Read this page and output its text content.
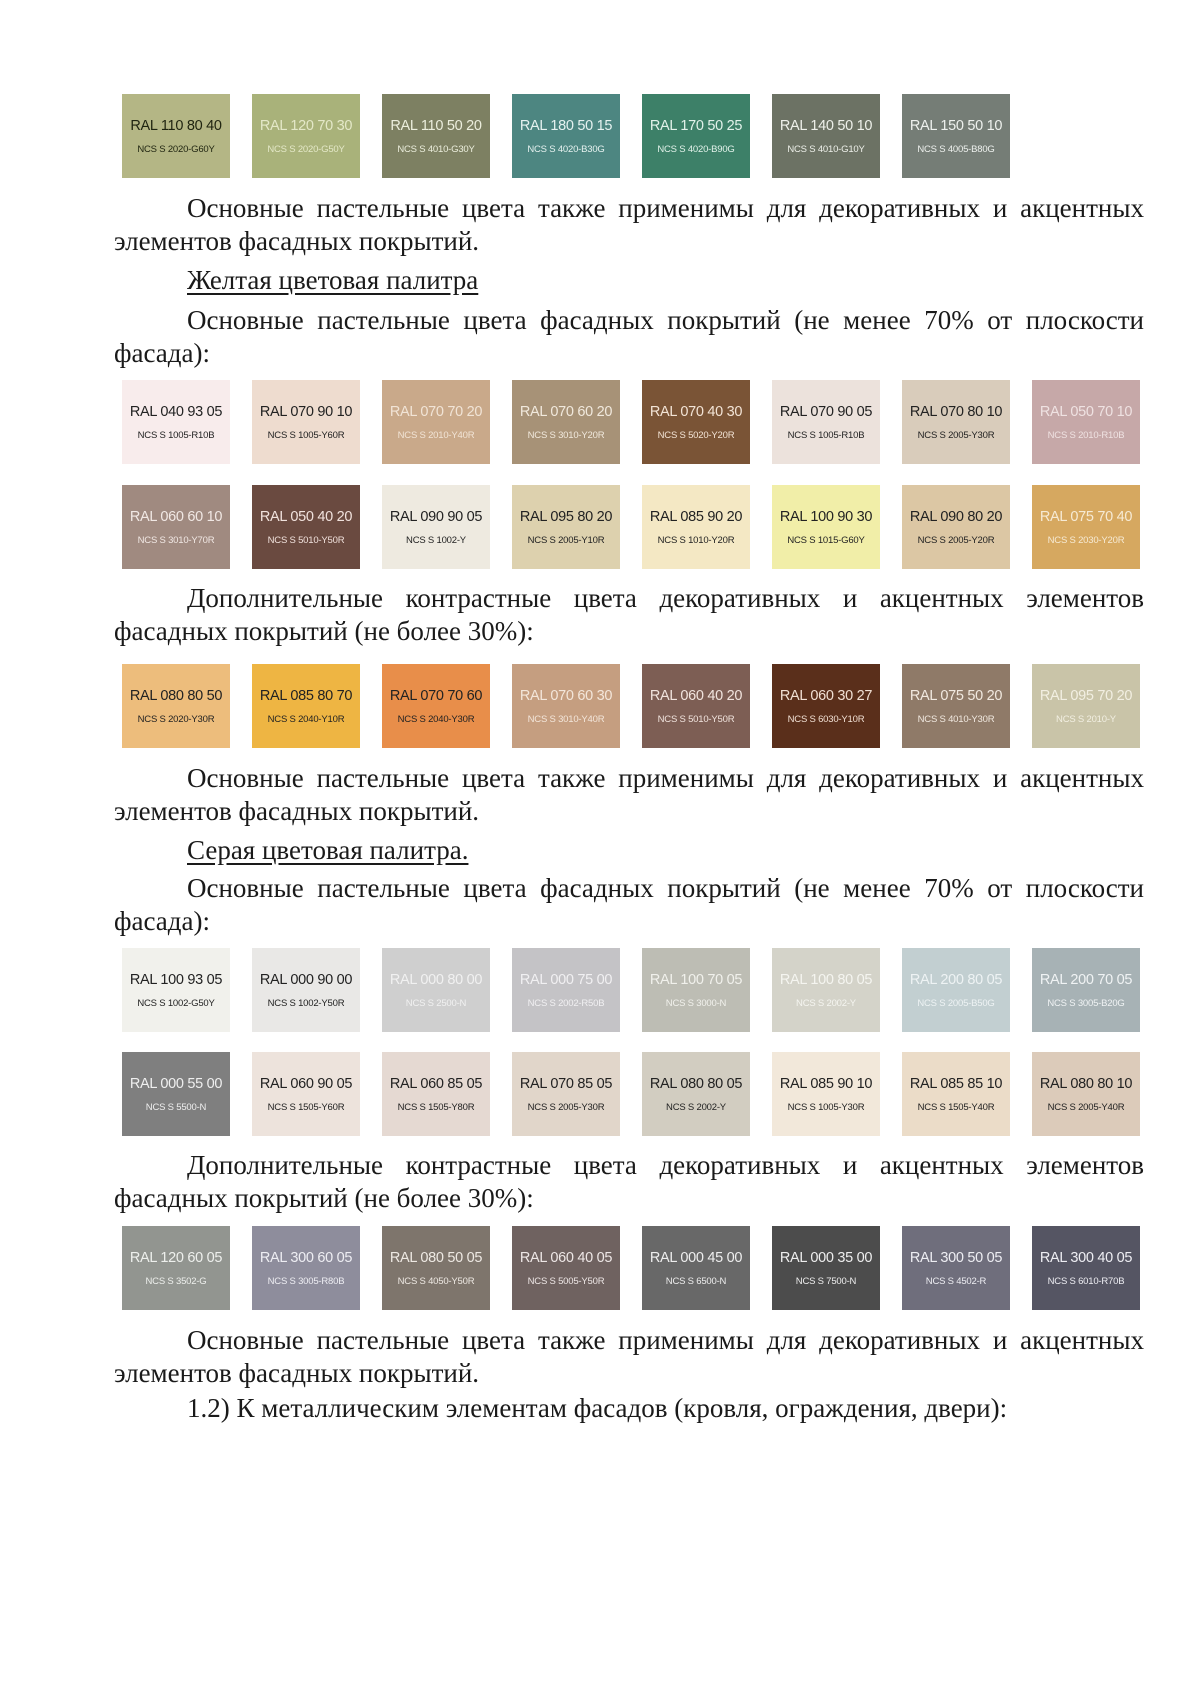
RAL 110 80 40
NCS S 2020-G60Y
RAL 120 70 30
NCS S 2020-G50Y
RAL 110 50 20
NCS S 4010-G30Y
RAL 180 50 15
NCS S 4020-B30G
RAL 170 50 25
NCS S 4020-B90G
RAL 140 50 10
NCS S 4010-G10Y
RAL 150 50 10
NCS S 4005-B80G
Основные пастельные цвета также применимы для декоративных и акцентных элементов фасадных покрытий.
Желтая цветовая палитра
Основные пастельные цвета фасадных покрытий (не менее 70% от плоскости фасада):
RAL 040 93 05
NCS S 1005-R10B
RAL 070 90 10
NCS S 1005-Y60R
RAL 070 70 20
NCS S 2010-Y40R
RAL 070 60 20
NCS S 3010-Y20R
RAL 070 40 30
NCS S 5020-Y20R
RAL 070 90 05
NCS S 1005-R10B
RAL 070 80 10
NCS S 2005-Y30R
RAL 050 70 10
NCS S 2010-R10B
RAL 060 60 10
NCS S 3010-Y70R
RAL 050 40 20
NCS S 5010-Y50R
RAL 090 90 05
NCS S 1002-Y
RAL 095 80 20
NCS S 2005-Y10R
RAL 085 90 20
NCS S 1010-Y20R
RAL 100 90 30
NCS S 1015-G60Y
RAL 090 80 20
NCS S 2005-Y20R
RAL 075 70 40
NCS S 2030-Y20R
Дополнительные контрастные цвета декоративных и акцентных элементов фасадных покрытий (не более 30%):
RAL 080 80 50
NCS S 2020-Y30R
RAL 085 80 70
NCS S 2040-Y10R
RAL 070 70 60
NCS S 2040-Y30R
RAL 070 60 30
NCS S 3010-Y40R
RAL 060 40 20
NCS S 5010-Y50R
RAL 060 30 27
NCS S 6030-Y10R
RAL 075 50 20
NCS S 4010-Y30R
RAL 095 70 20
NCS S 2010-Y
Основные пастельные цвета также применимы для декоративных и акцентных элементов фасадных покрытий.
Серая цветовая палитра.
Основные пастельные цвета фасадных покрытий (не менее 70% от плоскости фасада):
RAL 100 93 05
NCS S 1002-G50Y
RAL 000 90 00
NCS S 1002-Y50R
RAL 000 80 00
NCS S 2500-N
RAL 000 75 00
NCS S 2002-R50B
RAL 100 70 05
NCS S 3000-N
RAL 100 80 05
NCS S 2002-Y
RAL 200 80 05
NCS S 2005-B50G
RAL 200 70 05
NCS S 3005-B20G
RAL 000 55 00
NCS S 5500-N
RAL 060 90 05
NCS S 1505-Y60R
RAL 060 85 05
NCS S 1505-Y80R
RAL 070 85 05
NCS S 2005-Y30R
RAL 080 80 05
NCS S 2002-Y
RAL 085 90 10
NCS S 1005-Y30R
RAL 085 85 10
NCS S 1505-Y40R
RAL 080 80 10
NCS S 2005-Y40R
Дополнительные контрастные цвета декоративных и акцентных элементов фасадных покрытий (не более 30%):
RAL 120 60 05
NCS S 3502-G
RAL 300 60 05
NCS S 3005-R80B
RAL 080 50 05
NCS S 4050-Y50R
RAL 060 40 05
NCS S 5005-Y50R
RAL 000 45 00
NCS S 6500-N
RAL 000 35 00
NCS S 7500-N
RAL 300 50 05
NCS S 4502-R
RAL 300 40 05
NCS S 6010-R70B
Основные пастельные цвета также применимы для декоративных и акцентных элементов фасадных покрытий.
1.2) К металлическим элементам фасадов (кровля, ограждения, двери):
